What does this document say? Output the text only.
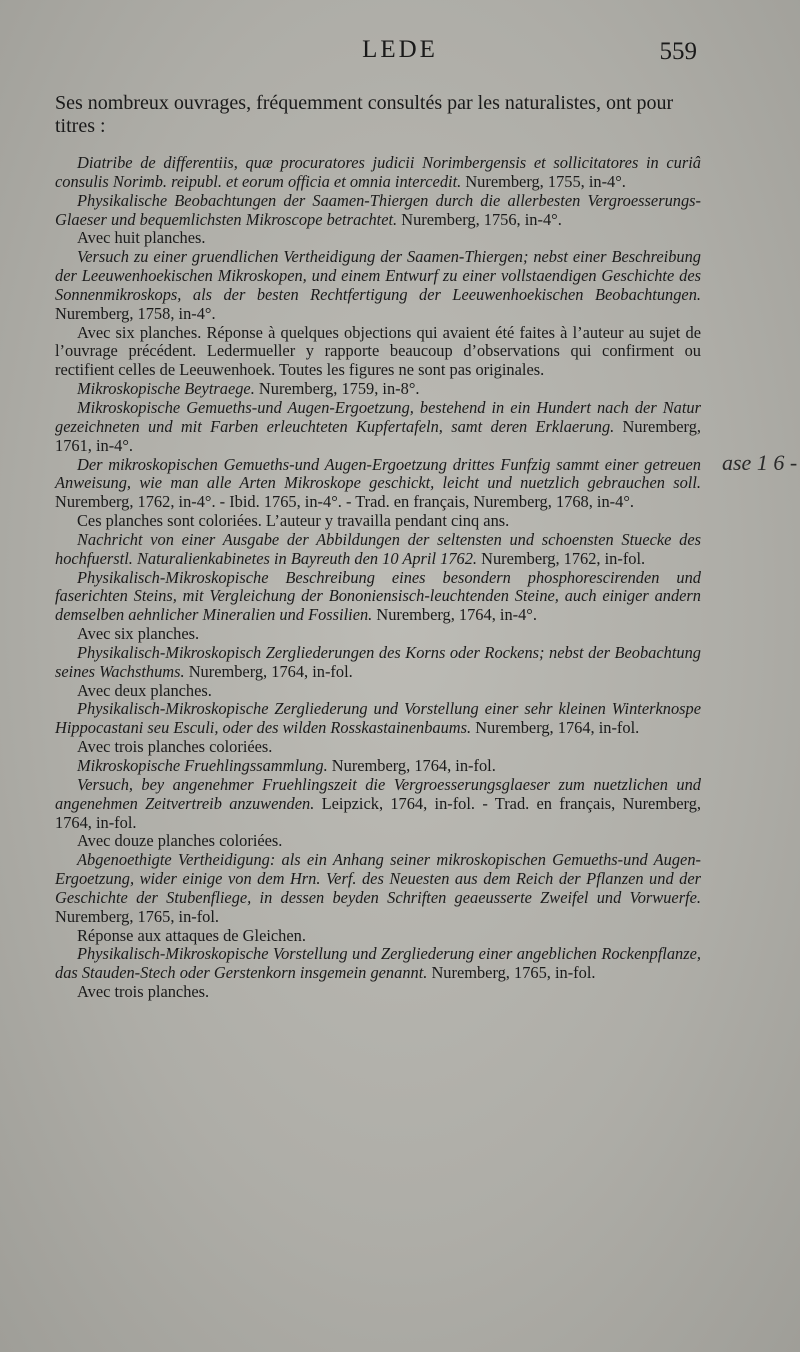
LEDE	559

Ses nombreux ouvrages, fréquemment consultés par les naturalistes, ont pour titres :

Diatribe de differentiis, quæ procuratores judicii Norimbergensis et sollicitatores in curiâ consulis Norimb. reipubl. et eorum officia et omnia intercedit. Nuremberg, 1755, in-4°.

Physikalische Beobachtungen der Saamen-Thiergen durch die allerbesten Vergroesserungs-Glaeser und bequemlichsten Mikroscope betrachtet. Nuremberg, 1756, in-4°.

Avec huit planches.

Versuch zu einer gruendlichen Vertheidigung der Saamen-Thiergen; nebst einer Beschreibung der Leeuwenhoekischen Mikroskopen, und einem Entwurf zu einer vollstaendigen Geschichte des Sonnenmikroskops, als der besten Rechtfertigung der Leeuwenhoekischen Beobachtungen. Nuremberg, 1758, in-4°.

Avec six planches. Réponse à quelques objections qui avaient été faites à l’auteur au sujet de l’ouvrage précédent. Ledermueller y rapporte beaucoup d’observations qui confirment ou rectifient celles de Leeuwenhoek. Toutes les figures ne sont pas originales.

Mikroskopische Beytraege. Nuremberg, 1759, in-8°.

Mikroskopische Gemueths-und Augen-Ergoetzung, bestehend in ein Hundert nach der Natur gezeichneten und mit Farben erleuchteten Kupfertafeln, samt deren Erklaerung. Nuremberg, 1761, in-4°.

Der mikroskopischen Gemueths-und Augen-Ergoetzung drittes Funfzig sammt einer getreuen Anweisung, wie man alle Arten Mikroskope geschickt, leicht und nuetzlich gebrauchen soll. Nuremberg, 1762, in-4°. - Ibid. 1765, in-4°. - Trad. en français, Nuremberg, 1768, in-4°.

Ces planches sont coloriées. L’auteur y travailla pendant cinq ans.

Nachricht von einer Ausgabe der Abbildungen der seltensten und schoensten Stuecke des hochfuerstl. Naturalienkabinetes in Bayreuth den 10 April 1762. Nuremberg, 1762, in-fol.

Physikalisch-Mikroskopische Beschreibung eines besondern phosphorescirenden und faserichten Steins, mit Vergleichung der Bononiensisch-leuchtenden Steine, auch einiger andern demselben aehnlicher Mineralien und Fossilien. Nuremberg, 1764, in-4°.

Avec six planches.

Physikalisch-Mikroskopisch Zergliederungen des Korns oder Rockens; nebst der Beobachtung seines Wachsthums. Nuremberg, 1764, in-fol.

Avec deux planches.

Physikalisch-Mikroskopische Zergliederung und Vorstellung einer sehr kleinen Winterknospe Hippocastani seu Esculi, oder des wilden Rosskastainenbaums. Nuremberg, 1764, in-fol.

Avec trois planches coloriées.

Mikroskopische Fruehlingssammlung. Nuremberg, 1764, in-fol.

Versuch, bey angenehmer Fruehlingszeit die Vergroesserungsglaeser zum nuetzlichen und angenehmen Zeitvertreib anzuwenden. Leipzick, 1764, in-fol. - Trad. en français, Nuremberg, 1764, in-fol.

Avec douze planches coloriées.

Abgenoethigte Vertheidigung: als ein Anhang seiner mikroskopischen Gemueths-und Augen-Ergoetzung, wider einige von dem Hrn. Verf. des Neuesten aus dem Reich der Pflanzen und der Geschichte der Stubenfliege, in dessen beyden Schriften geaeusserte Zweifel und Vorwuerfe. Nuremberg, 1765, in-fol.

Réponse aux attaques de Gleichen.

Physikalisch-Mikroskopische Vorstellung und Zergliederung einer angeblichen Rockenpflanze, das Stauden-Stech oder Gerstenkorn insgemein genannt. Nuremberg, 1765, in-fol.

Avec trois planches.

ase 1 6 -
